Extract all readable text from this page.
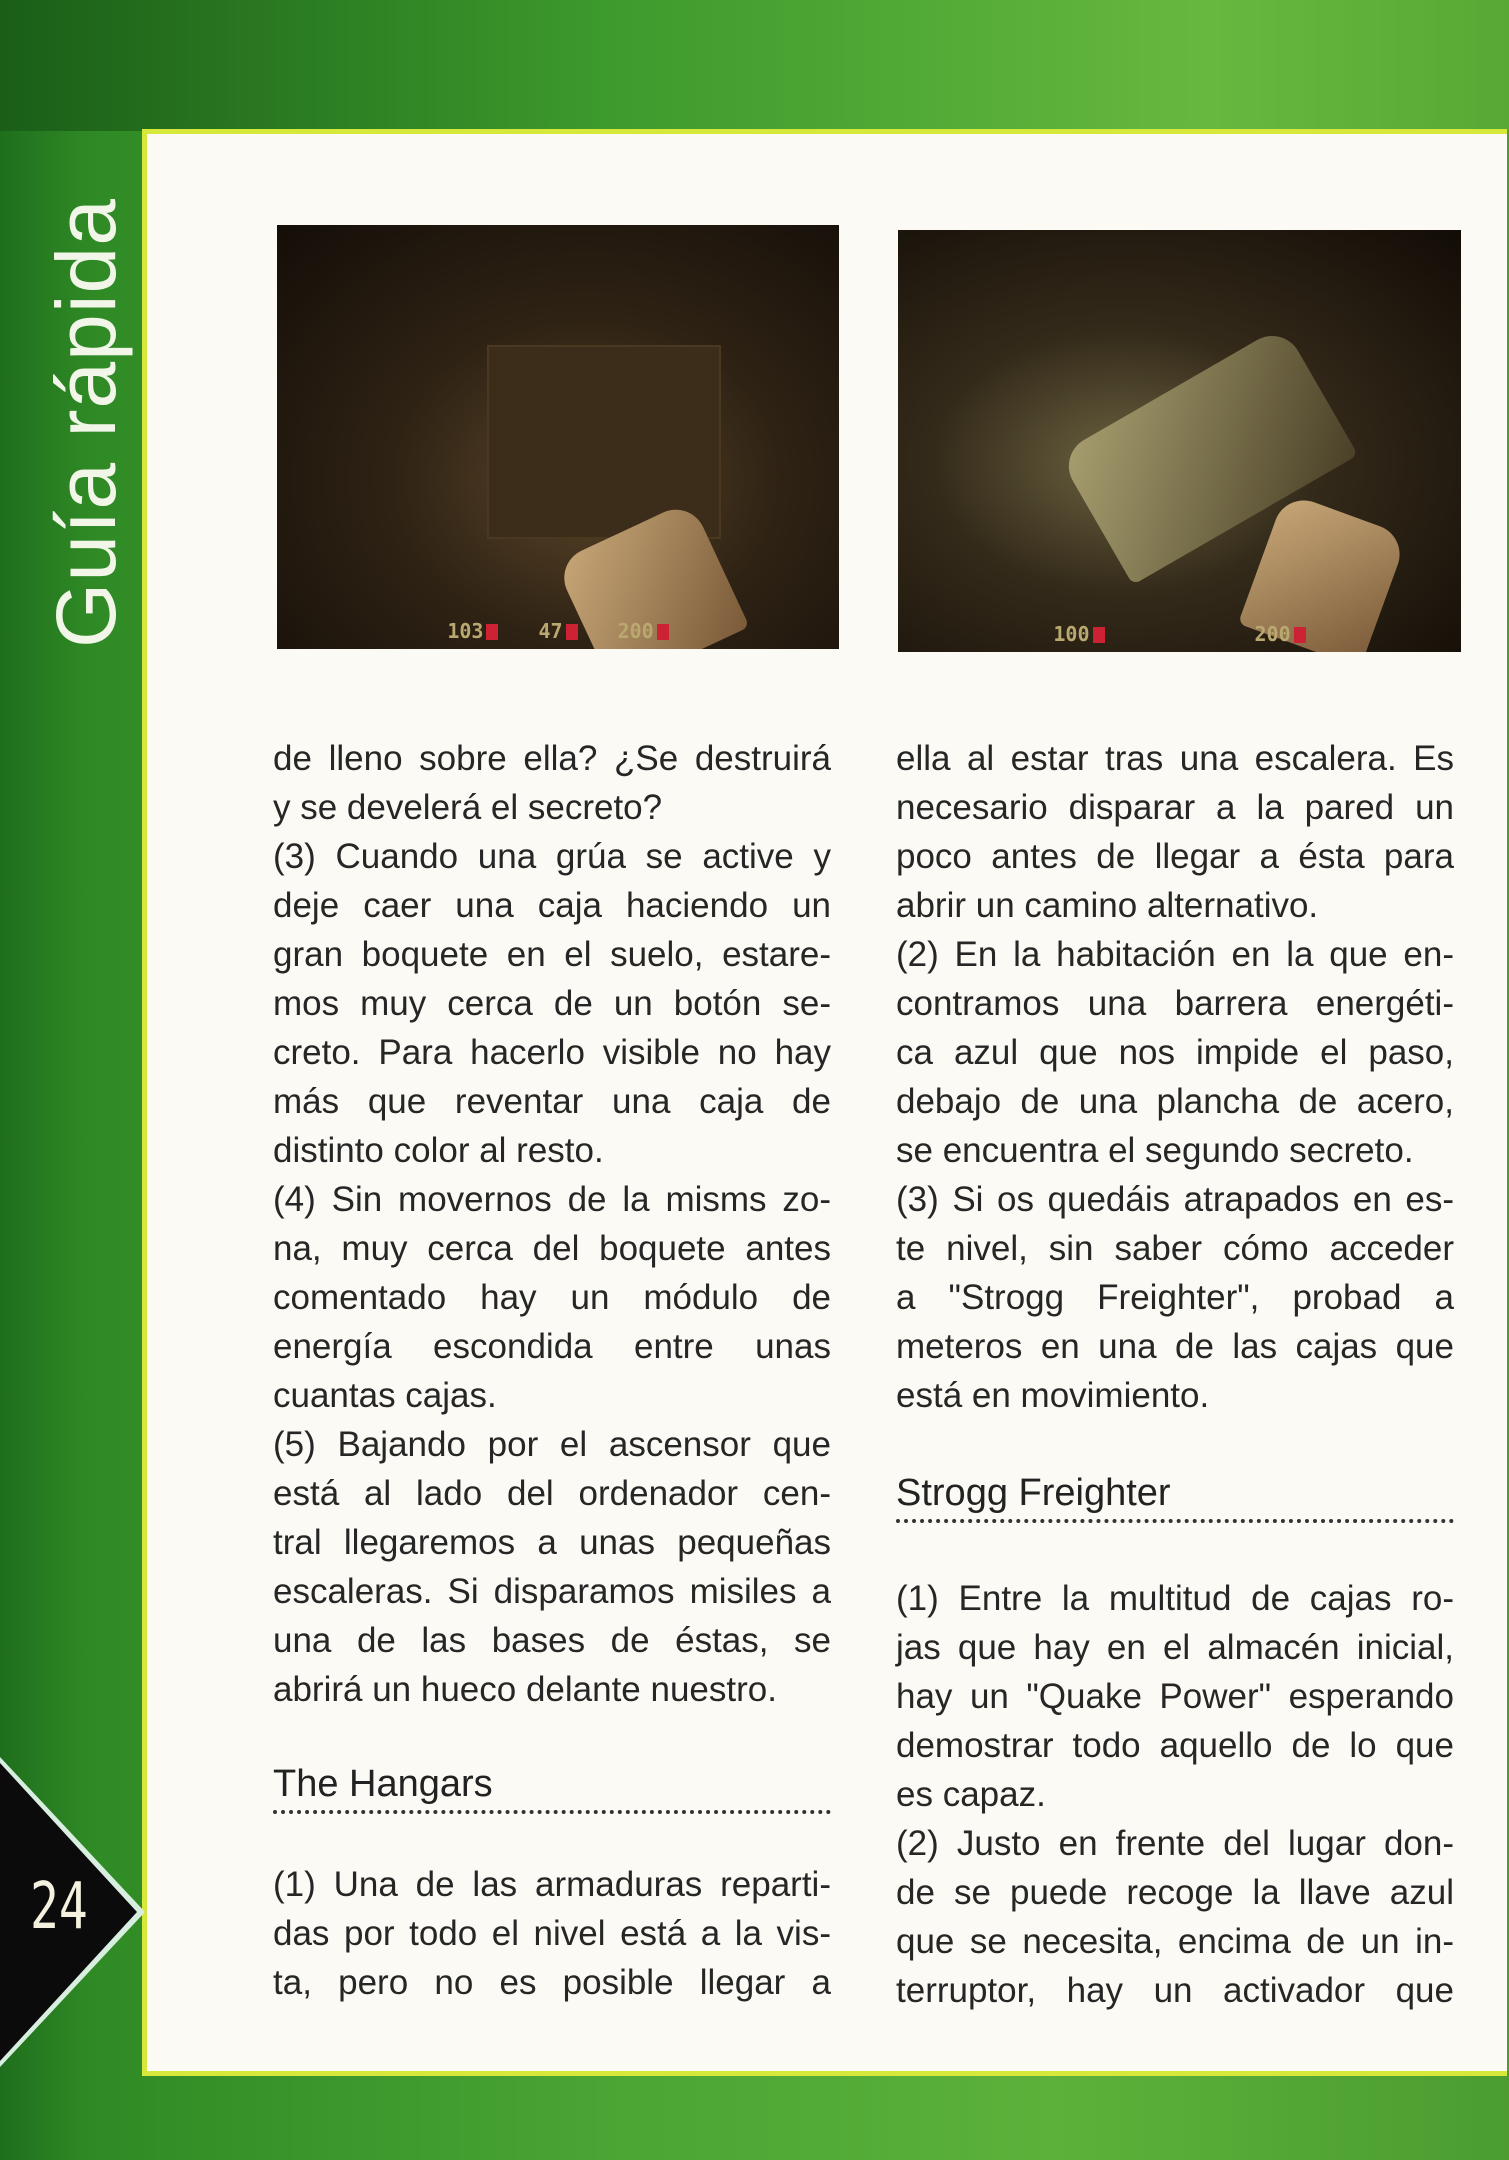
Guía rápida	103	47	200	100	200
de lleno sobre ella? ¿Se destruirá
y se develerá el secreto?
(3) Cuando una grúa se active y
deje caer una caja haciendo un
gran boquete en el suelo, estare-
mos muy cerca de un botón se-
creto. Para hacerlo visible no hay
más que reventar una caja de
distinto color al resto.
(4) Sin movernos de la misms zo-
na, muy cerca del boquete antes
comentado hay un módulo de
energía escondida entre unas
cuantas cajas.
(5) Bajando por el ascensor que
está al lado del ordenador cen-
tral llegaremos a unas pequeñas
escaleras. Si disparamos misiles a
una de las bases de éstas, se
abrirá un hueco delante nuestro.
The Hangars
(1) Una de las armaduras reparti-
das por todo el nivel está a la vis-
ta, pero no es posible llegar a
ella al estar tras una escalera. Es
necesario disparar a la pared un
poco antes de llegar a ésta para
abrir un camino alternativo.
(2) En la habitación en la que en-
contramos una barrera energéti-
ca azul que nos impide el paso,
debajo de una plancha de acero,
se encuentra el segundo secreto.
(3) Si os quedáis atrapados en es-
te nivel, sin saber cómo acceder
a "Strogg Freighter", probad a
meteros en una de las cajas que
está en movimiento.
Strogg Freighter
(1) Entre la multitud de cajas ro-
jas que hay en el almacén inicial,
hay un "Quake Power" esperando
demostrar todo aquello de lo que
es capaz.
(2) Justo en frente del lugar don-
de se puede recoge la llave azul
que se necesita, encima de un in-
terruptor, hay un activador que
24
